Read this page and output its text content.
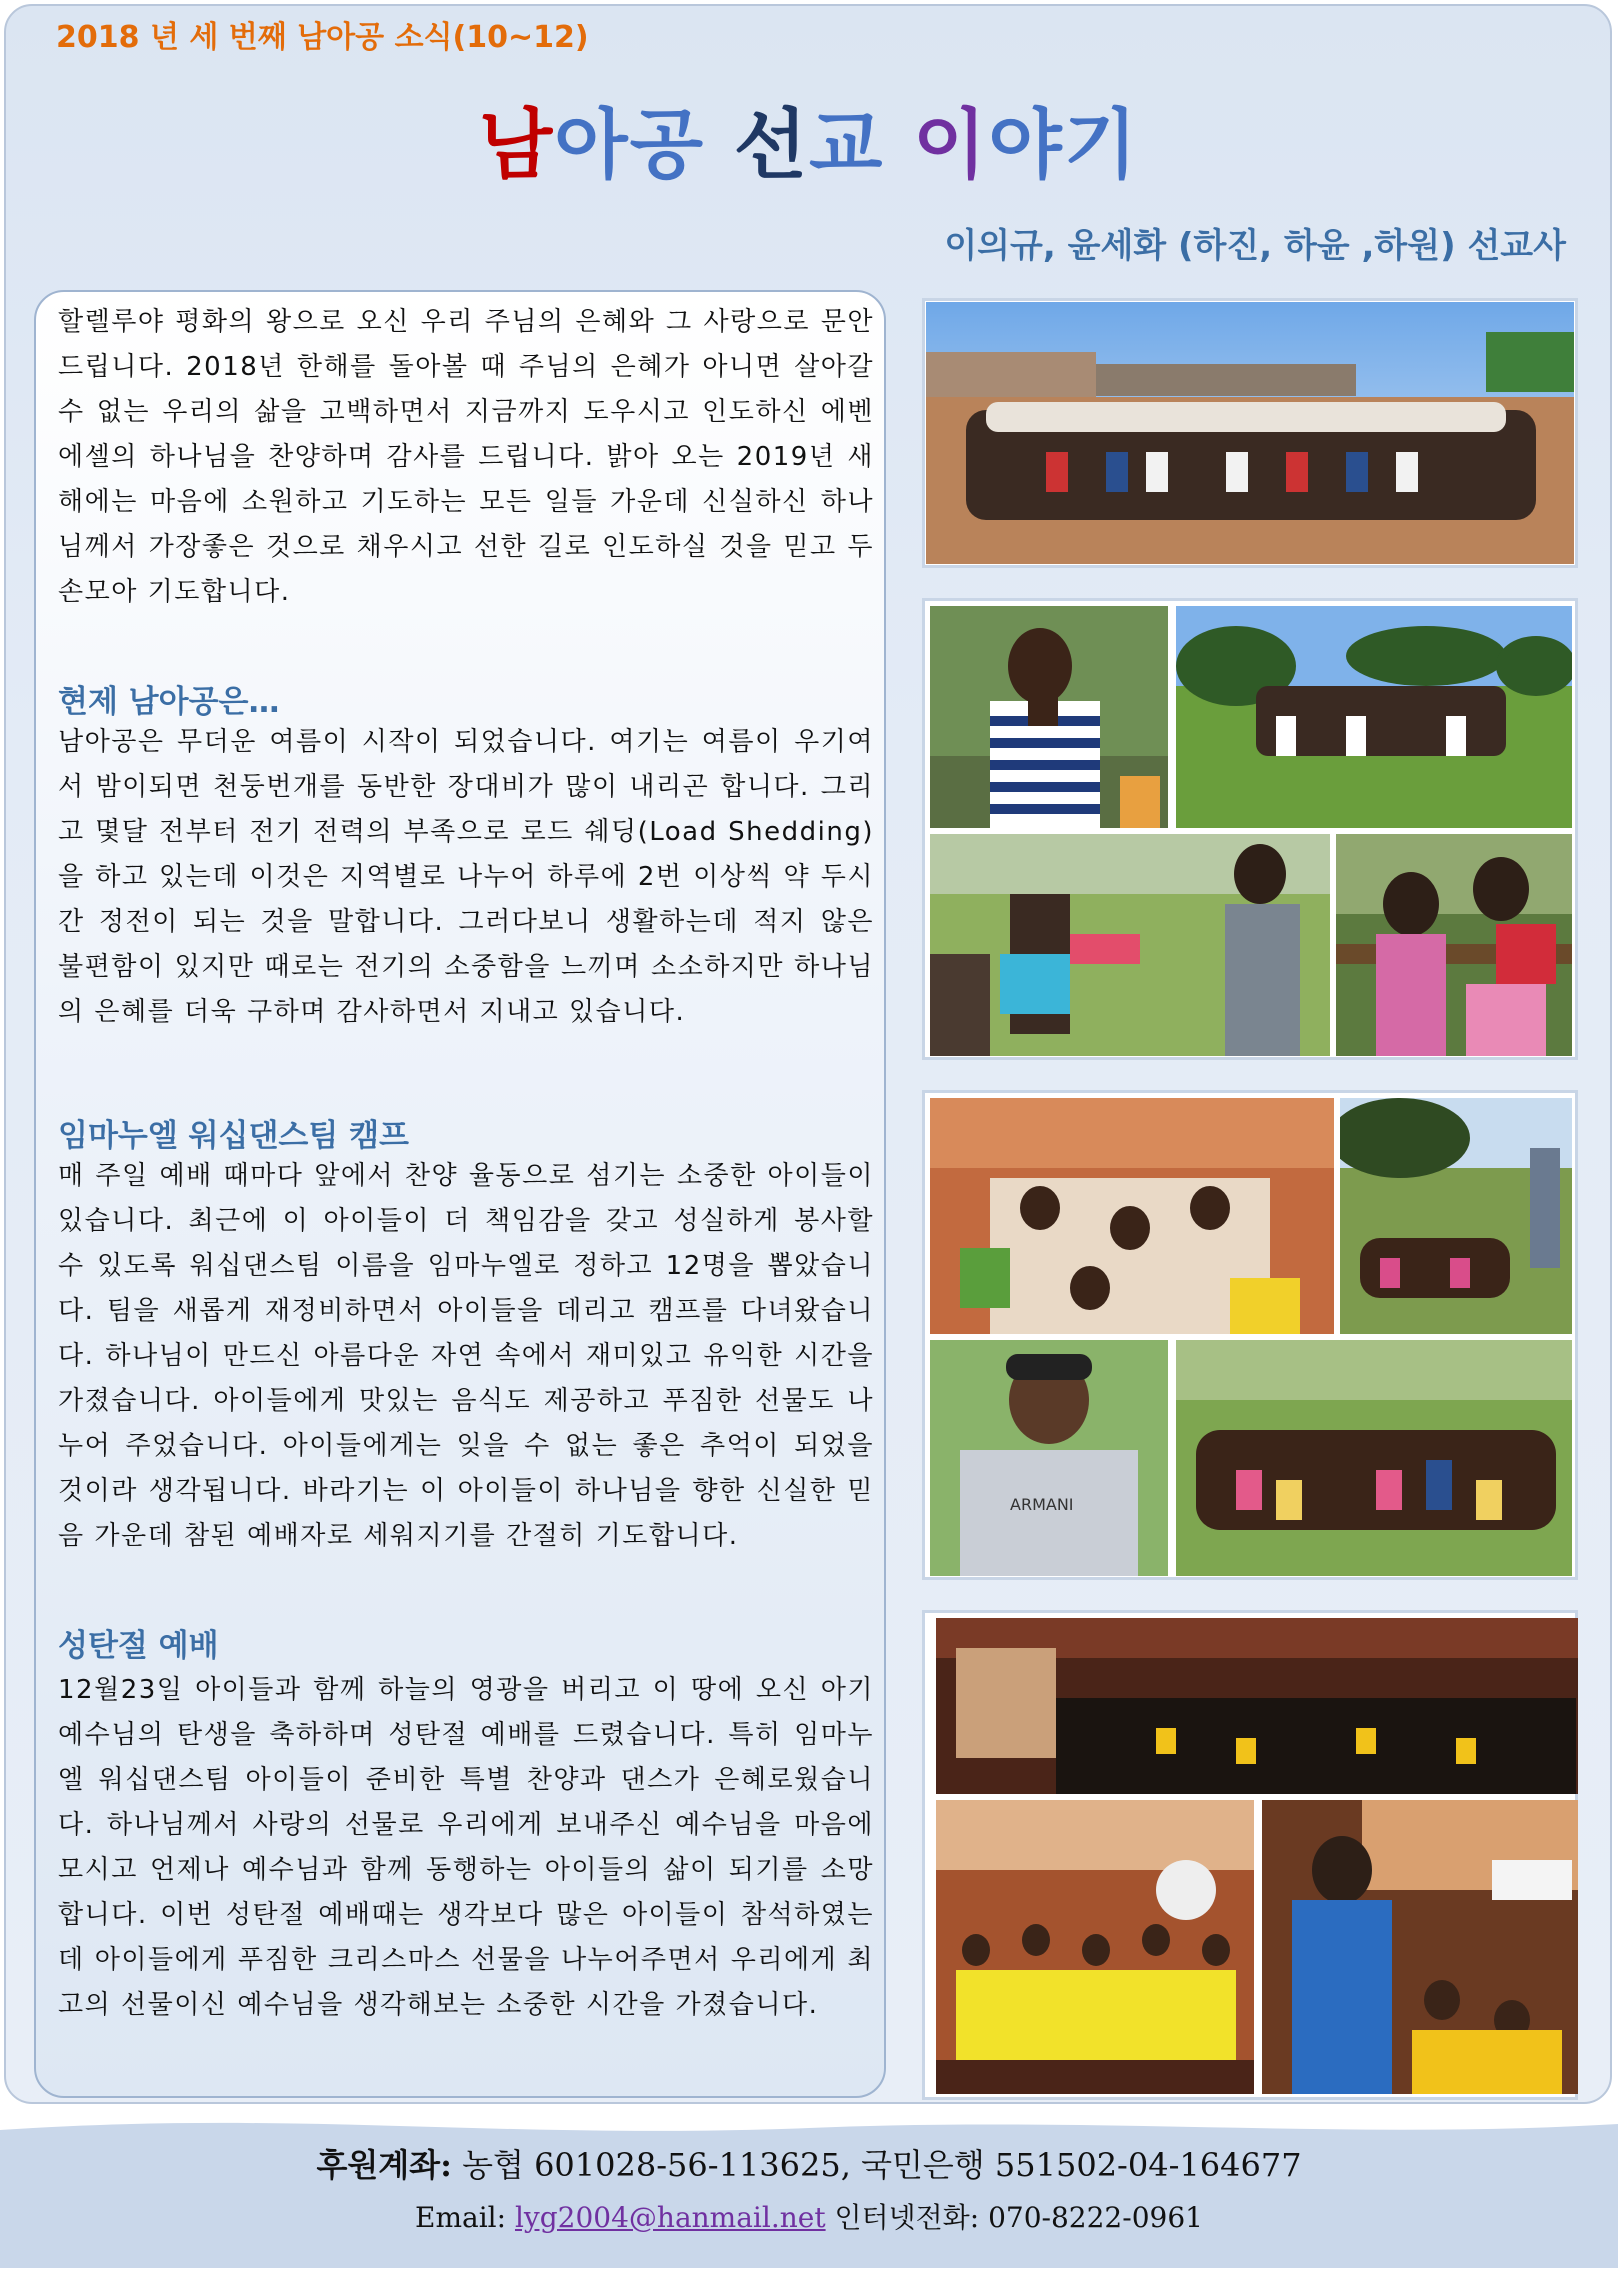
2018 년 세 번째 남아공 소식(10~12)
남아공 선교 이야기
이의규, 윤세화 (하진, 하윤 ,하원) 선교사

할렐루야 평화의 왕으로 오신 우리 주님의 은혜와 그 사랑으로 문안 드립니다. 2018년 한해를 돌아볼 때 주님의 은혜가 아니면 살아갈 수 없는 우리의 삶을 고백하면서 지금까지 도우시고 인도하신 에벤에셀의 하나님을 찬양하며 감사를 드립니다. 밝아 오는 2019년 새해에는 마음에 소원하고 기도하는 모든 일들 가운데 신실하신 하나님께서 가장좋은 것으로 채우시고 선한 길로 인도하실 것을 믿고 두 손모아 기도합니다.

현제 남아공은…

남아공은 무더운 여름이 시작이 되었습니다. 여기는 여름이 우기여서 밤이되면 천둥번개를 동반한 장대비가 많이 내리곤 합니다. 그리고 몇달 전부터 전기 전력의 부족으로 로드 쉐딩(Load Shedding)을 하고 있는데 이것은 지역별로 나누어 하루에 2번 이상씩 약 두시간 정전이 되는 것을 말합니다. 그러다보니 생활하는데 적지 않은 불편함이 있지만 때로는 전기의 소중함을 느끼며 소소하지만 하나님의 은혜를 더욱 구하며 감사하면서 지내고 있습니다.

임마누엘 워십댄스팀 캠프

매 주일 예배 때마다 앞에서 찬양 율동으로 섬기는 소중한 아이들이 있습니다. 최근에 이 아이들이 더 책임감을 갖고 성실하게 봉사할 수 있도록 워십댄스팀 이름을 임마누엘로 정하고 12명을 뽑았습니다. 팀을 새롭게 재정비하면서 아이들을 데리고 캠프를 다녀왔습니다. 하나님이 만드신 아름다운 자연 속에서 재미있고 유익한 시간을 가졌습니다. 아이들에게 맛있는 음식도 제공하고 푸짐한 선물도 나누어 주었습니다. 아이들에게는 잊을 수 없는 좋은 추억이 되었을 것이라 생각됩니다. 바라기는 이 아이들이 하나님을 향한 신실한 믿음 가운데 참된 예배자로 세워지기를 간절히 기도합니다.

성탄절 예배

12월23일 아이들과 함께 하늘의 영광을 버리고 이 땅에 오신 아기 예수님의 탄생을 축하하며 성탄절 예배를 드렸습니다. 특히 임마누엘 워십댄스팀 아이들이 준비한 특별 찬양과 댄스가 은혜로웠습니다. 하나님께서 사랑의 선물로 우리에게 보내주신 예수님을 마음에 모시고 언제나 예수님과 함께 동행하는 아이들의 삶이 되기를 소망합니다. 이번 성탄절 예배때는 생각보다 많은 아이들이 참석하였는데 아이들에게 푸짐한 크리스마스 선물을 나누어주면서 우리에게 최고의 선물이신 예수님을 생각해보는 소중한 시간을 가졌습니다.

ARMANI
후원계좌: 농협 601028-56-113625, 국민은행 551502-04-164677
Email: lyg2004@hanmail.net 인터넷전화: 070-8222-0961
